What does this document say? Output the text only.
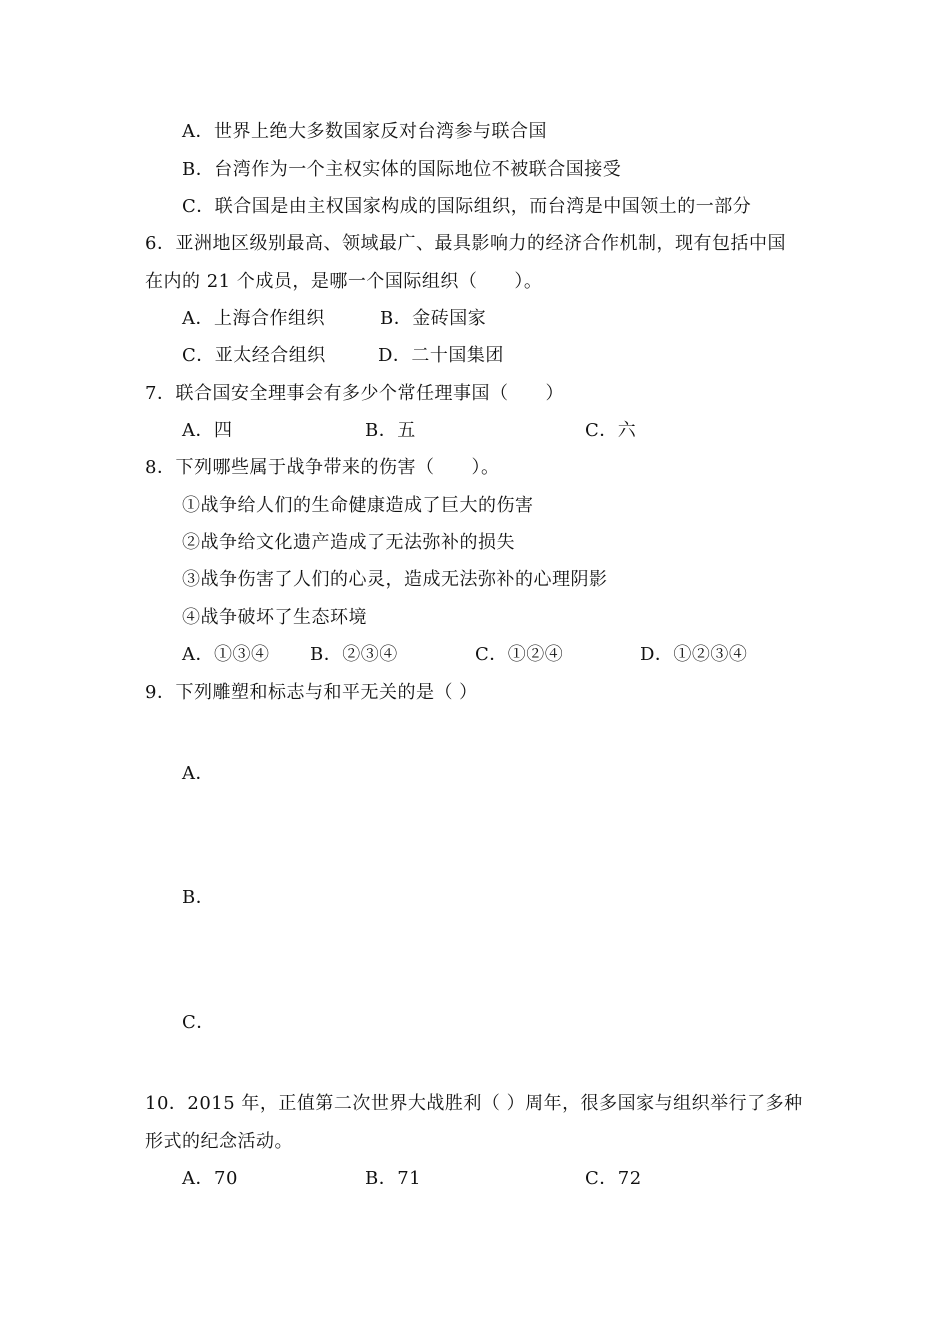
A．世界上绝大多数国家反对台湾参与联合国
B．台湾作为一个主权实体的国际地位不被联合国接受
C．联合国是由主权国家构成的国际组织，而台湾是中国领土的一部分
6．亚洲地区级别最高、领域最广、最具影响力的经济合作机制，现有包括中国
在内的 21 个成员，是哪一个国际组织（　　）。
A．上海合作组织	B．金砖国家
C．亚太经合组织	D．二十国集团
7．联合国安全理事会有多少个常任理事国（　　）
A．四	B．五	C．六
8．下列哪些属于战争带来的伤害（　　）。
①战争给人们的生命健康造成了巨大的伤害
②战争给文化遗产造成了无法弥补的损失
③战争伤害了人们的心灵，造成无法弥补的心理阴影
④战争破坏了生态环境
A．①③④ B．②③④	C．①②④	D．①②③④
9．下列雕塑和标志与和平无关的是（ ）
A．
B．
C．
10．2015 年，正值第二次世界大战胜利（ ）周年，很多国家与组织举行了多种
形式的纪念活动。
A．70	B．71	C．72
